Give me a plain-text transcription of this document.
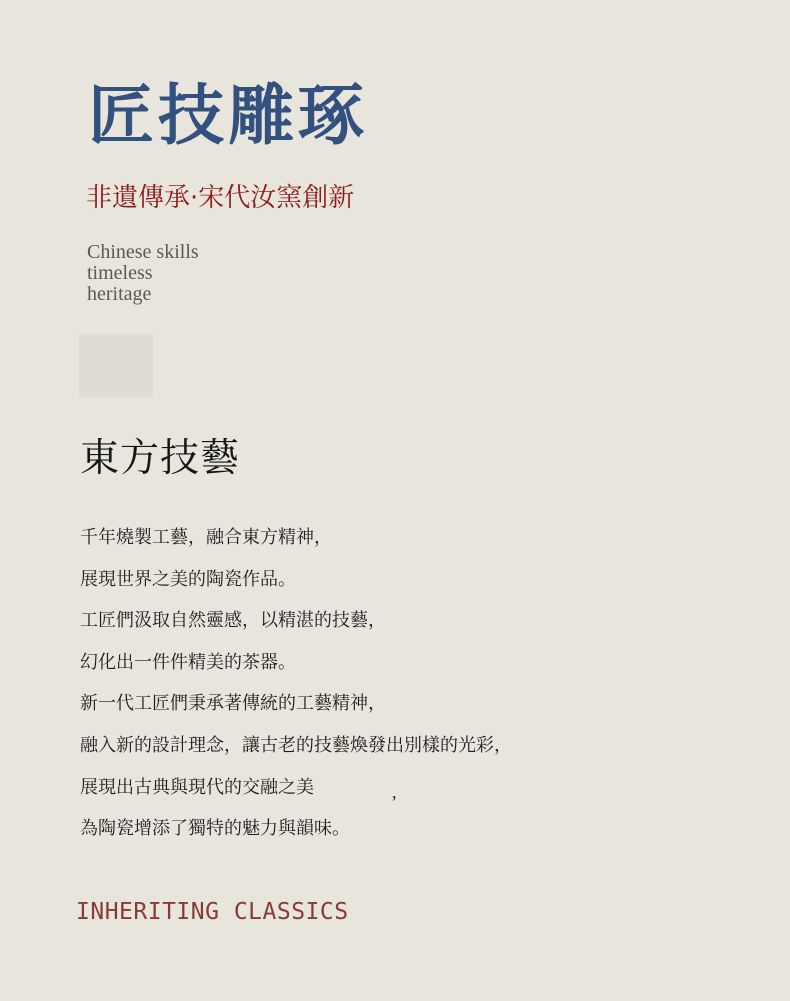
匠技雕琢
非遺傳承·宋代汝窯創新
Chinese skills
timeless
heritage
東方技藝
千年燒製工藝，融合東方精神，
展現世界之美的陶瓷作品。
工匠們汲取自然靈感，以精湛的技藝，
幻化出一件件精美的茶器。
新一代工匠們秉承著傳統的工藝精神，
融入新的設計理念，讓古老的技藝煥發出別樣的光彩，
展現出古典與現代的交融之美
為陶瓷增添了獨特的魅力與韻味。
,
INHERITING CLASSICS
